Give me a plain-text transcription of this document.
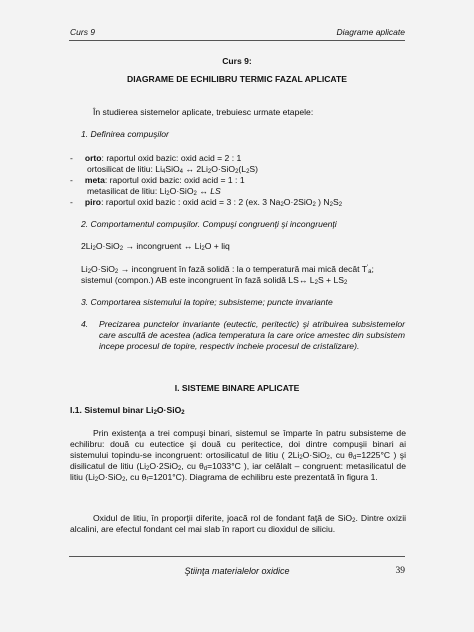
Curs 9	Diagrame aplicate
Curs 9:
DIAGRAME DE ECHILIBRU TERMIC FAZAL APLICATE
În studierea sistemelor aplicate, trebuiesc urmate etapele:
1. Definirea compuşilor
- orto: raportul oxid bazic: oxid acid = 2 : 1
ortosilicat de litiu: $Li_4SiO_4$ ↔ $2Li_2O\cdot SiO_2(L_2S)$
- meta: raportul oxid bazic: oxid acid = 1 : 1
metasilicat de litiu: $Li_2O\cdot SiO_2$ ↔ LS
- piro: raportul oxid bazic : oxid acid = 3 : 2 (ex. 3 $Na_2O\cdot 2SiO_2$ ) $N_2S_2$
2. Comportamentul compuşilor. Compuşi congruenţi şi incongruenţi
$2Li_2O\cdot SiO_2$ → incongruent ↔ $Li_2O$ + liq
$Li_2O\cdot SiO_2$ → incongruent în fază solidă : la o temperatură mai mică decât $T'_a$;
sistemul (compon.) AB este incongruent în fază solidă LS↔ $L_2S + LS_2$
3. Comportarea sistemului la topire; subsisteme; puncte invariante
4. Precizarea punctelor invariante (eutectic, peritectic) şi atribuirea subsistemelor care ascultă de acestea (adica temperatura la care orice amestec din subsistem incepe procesul de topire, respectiv incheie procesul de cristalizare).
I. SISTEME BINARE APLICATE
I.1. Sistemul binar $Li_2O\cdot SiO_2$
Prin existenţa a trei compuşi binari, sistemul se împarte în patru subsisteme de echilibru: două cu eutectice şi două cu peritectice, doi dintre compuşii binari ai sistemului topindu-se incongruent: ortosilicatul de litiu ( $2Li_2O\cdot SiO_2$, cu $\theta_d=1225^\circ C$ ) şi disilicatul de litiu ($Li_2O\cdot 2SiO_2$, cu $\theta_d=1033^\circ C$ ), iar celălalt – congruent: metasilicatul de litiu ($Li_2O\cdot SiO_2$, cu $\theta_t=1201^\circ C$). Diagrama de echilibru este prezentată în figura 1.
Oxidul de litiu, în proporţii diferite, joacă rol de fondant faţă de SiO$_2$. Dintre oxizii alcalini, are efectul fondant cel mai slab în raport cu dioxidul de siliciu.
Ştiinţa materialelor oxidice	39
